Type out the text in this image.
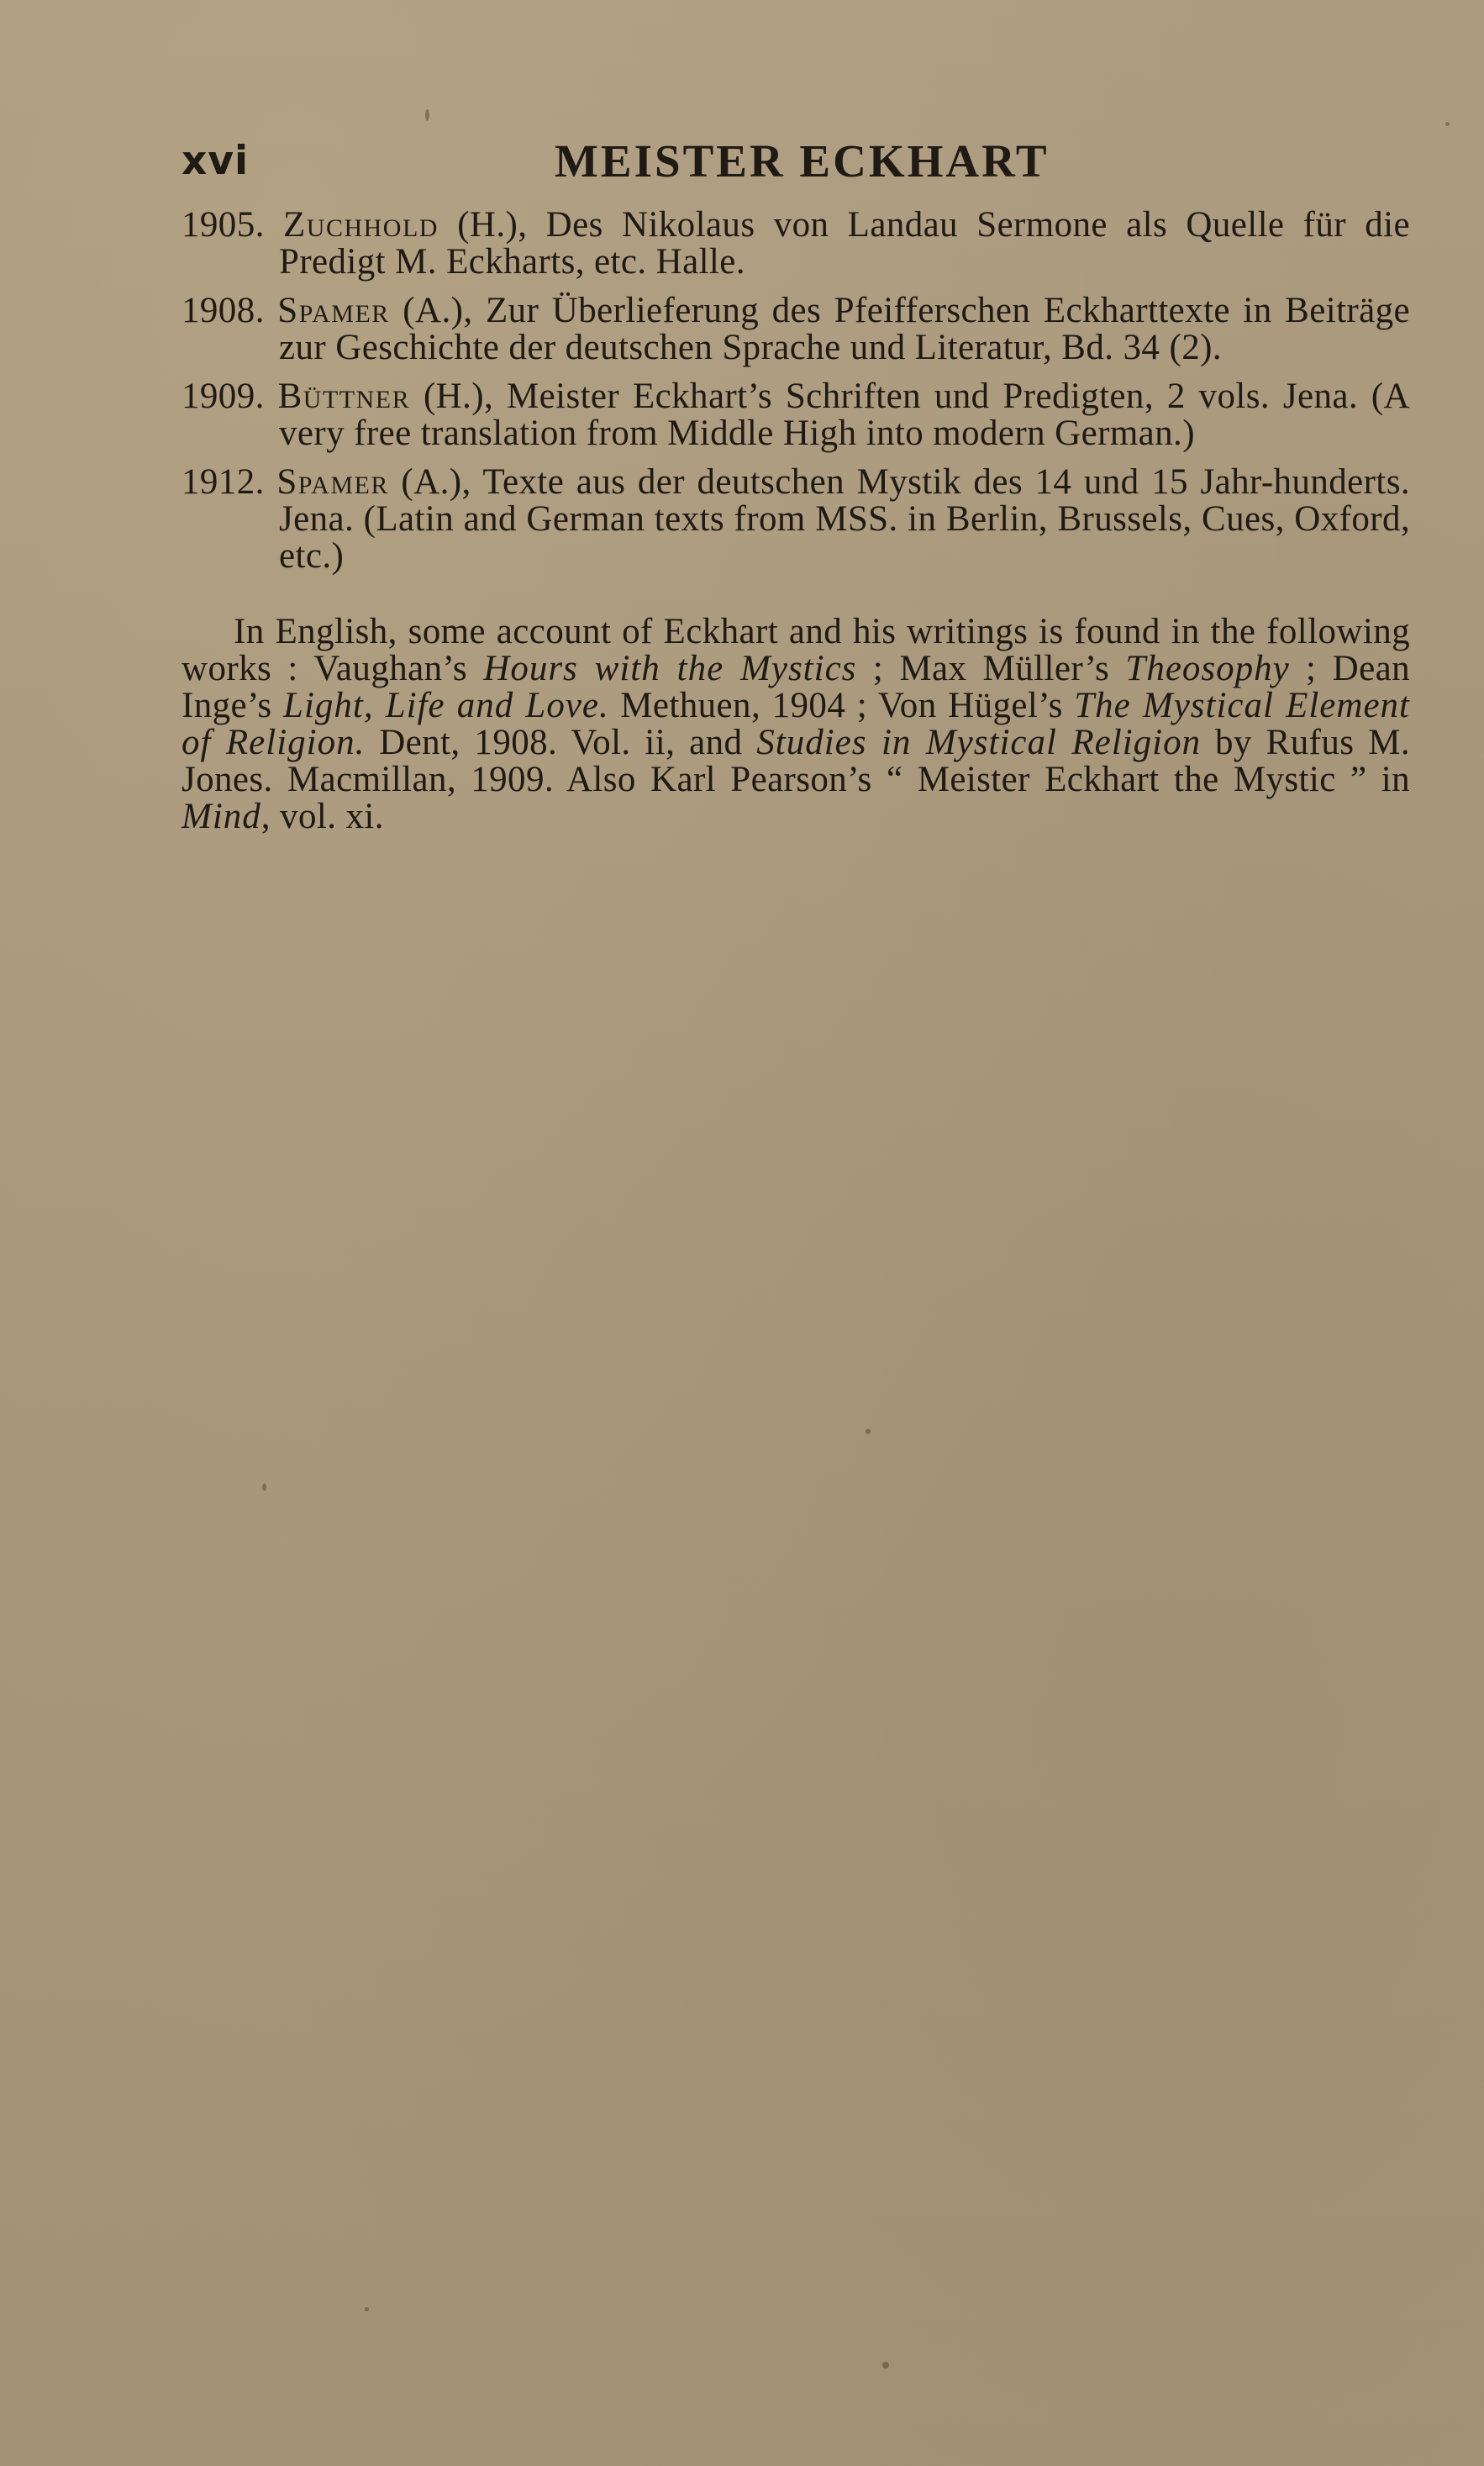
xvi	MEISTER ECKHART

1905. Zuchhold (H.), Des Nikolaus von Landau Sermone als Quelle für die Predigt M. Eckharts, etc. Halle.

1908. Spamer (A.), Zur Überlieferung des Pfeifferschen Eckharttexte in Beiträge zur Geschichte der deutschen Sprache und Literatur, Bd. 34 (2).

1909. Büttner (H.), Meister Eckhart’s Schriften und Predigten, 2 vols. Jena. (A very free translation from Middle High into modern German.)

1912. Spamer (A.), Texte aus der deutschen Mystik des 14 und 15 Jahr-hunderts. Jena. (Latin and German texts from MSS. in Berlin, Brussels, Cues, Oxford, etc.)

In English, some account of Eckhart and his writings is found in the following works : Vaughan’s Hours with the Mystics ; Max Müller’s Theosophy ; Dean Inge’s Light, Life and Love. Methuen, 1904 ; Von Hügel’s The Mystical Element of Religion. Dent, 1908. Vol. ii, and Studies in Mystical Religion by Rufus M. Jones. Macmillan, 1909. Also Karl Pearson’s “ Meister Eckhart the Mystic ” in Mind, vol. xi.
